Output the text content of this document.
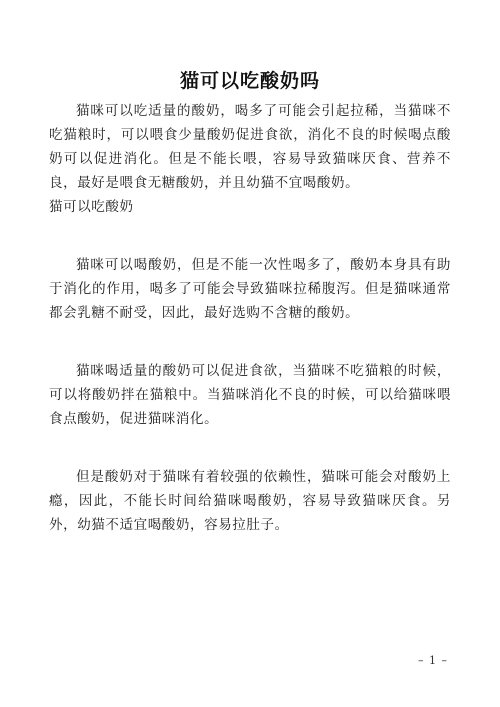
猫可以吃酸奶吗

猫咪可以吃适量的酸奶，喝多了可能会引起拉稀，当猫咪不吃猫粮时，可以喂食少量酸奶促进食欲，消化不良的时候喝点酸奶可以促进消化。但是不能长喂，容易导致猫咪厌食、营养不良，最好是喂食无糖酸奶，并且幼猫不宜喝酸奶。

猫可以吃酸奶

猫咪可以喝酸奶，但是不能一次性喝多了，酸奶本身具有助于消化的作用，喝多了可能会导致猫咪拉稀腹泻。但是猫咪通常都会乳糖不耐受，因此，最好选购不含糖的酸奶。

猫咪喝适量的酸奶可以促进食欲，当猫咪不吃猫粮的时候，可以将酸奶拌在猫粮中。当猫咪消化不良的时候，可以给猫咪喂食点酸奶，促进猫咪消化。

但是酸奶对于猫咪有着较强的依赖性，猫咪可能会对酸奶上瘾，因此，不能长时间给猫咪喝酸奶，容易导致猫咪厌食。另外，幼猫不适宜喝酸奶，容易拉肚子。

– 1 –
